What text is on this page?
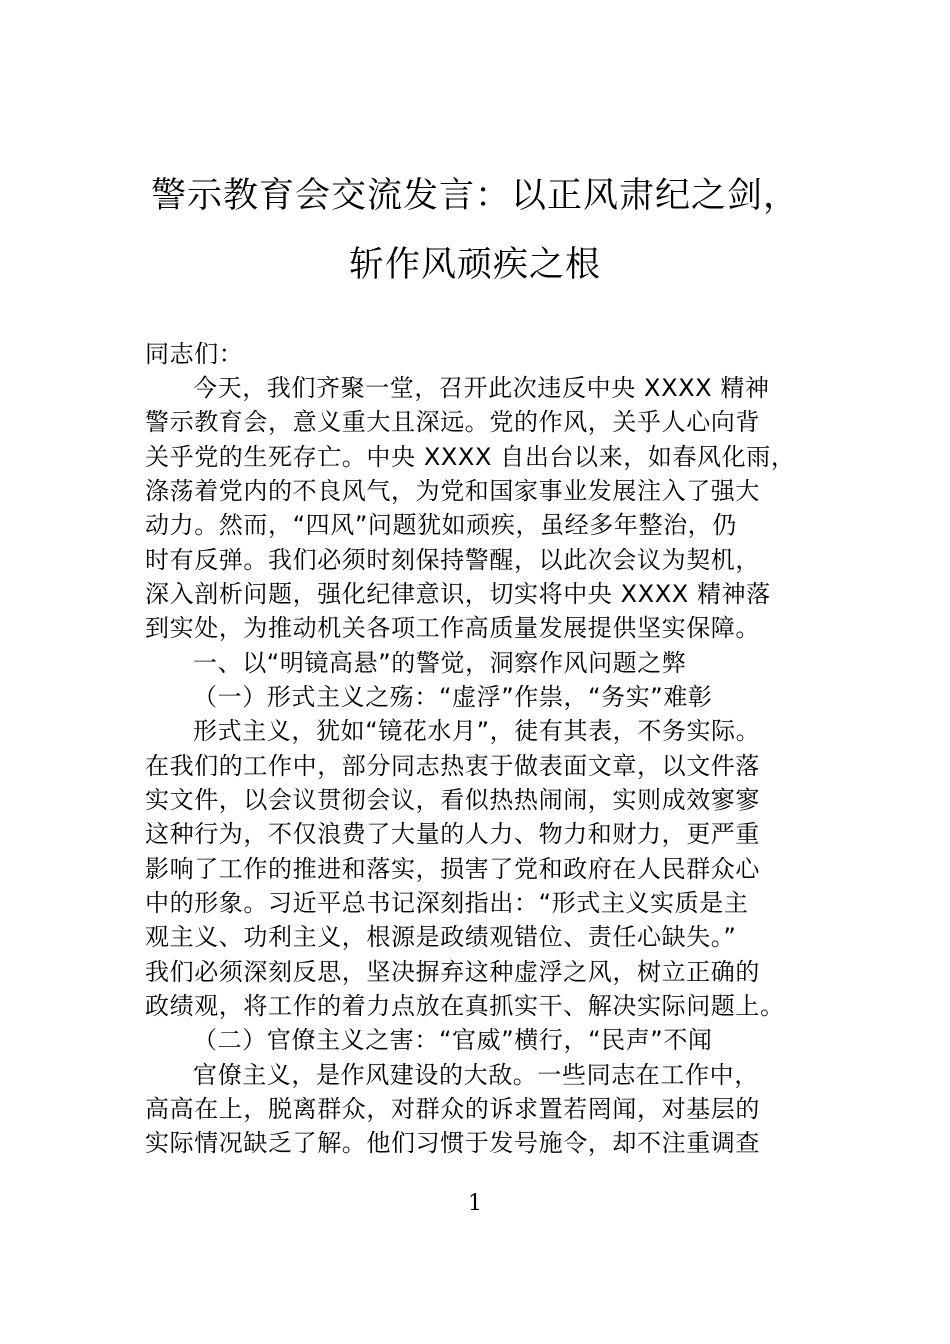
警示教育会交流发言：以正风肃纪之剑，
斩作风顽疾之根
同志们：
今天，我们齐聚一堂，召开此次违反中央 XXXX 精神
警示教育会，意义重大且深远。党的作风，关乎人心向背
关乎党的生死存亡。中央 XXXX 自出台以来，如春风化雨，
涤荡着党内的不良风气，为党和国家事业发展注入了强大
动力。然而，“四风”问题犹如顽疾，虽经多年整治，仍
时有反弹。我们必须时刻保持警醒，以此次会议为契机，
深入剖析问题，强化纪律意识，切实将中央 XXXX 精神落
到实处，为推动机关各项工作高质量发展提供坚实保障。
一、以“明镜高悬”的警觉，洞察作风问题之弊
（一）形式主义之殇：“虚浮”作祟，“务实”难彰
形式主义，犹如“镜花水月”，徒有其表，不务实际。
在我们的工作中，部分同志热衷于做表面文章，以文件落
实文件，以会议贯彻会议，看似热热闹闹，实则成效寥寥
这种行为，不仅浪费了大量的人力、物力和财力，更严重
影响了工作的推进和落实，损害了党和政府在人民群众心
中的形象。习近平总书记深刻指出：“形式主义实质是主
观主义、功利主义，根源是政绩观错位、责任心缺失。”
我们必须深刻反思，坚决摒弃这种虚浮之风，树立正确的
政绩观，将工作的着力点放在真抓实干、解决实际问题上。
（二）官僚主义之害：“官威”横行，“民声”不闻
官僚主义，是作风建设的大敌。一些同志在工作中，
高高在上，脱离群众，对群众的诉求置若罔闻，对基层的
实际情况缺乏了解。他们习惯于发号施令，却不注重调查
1
